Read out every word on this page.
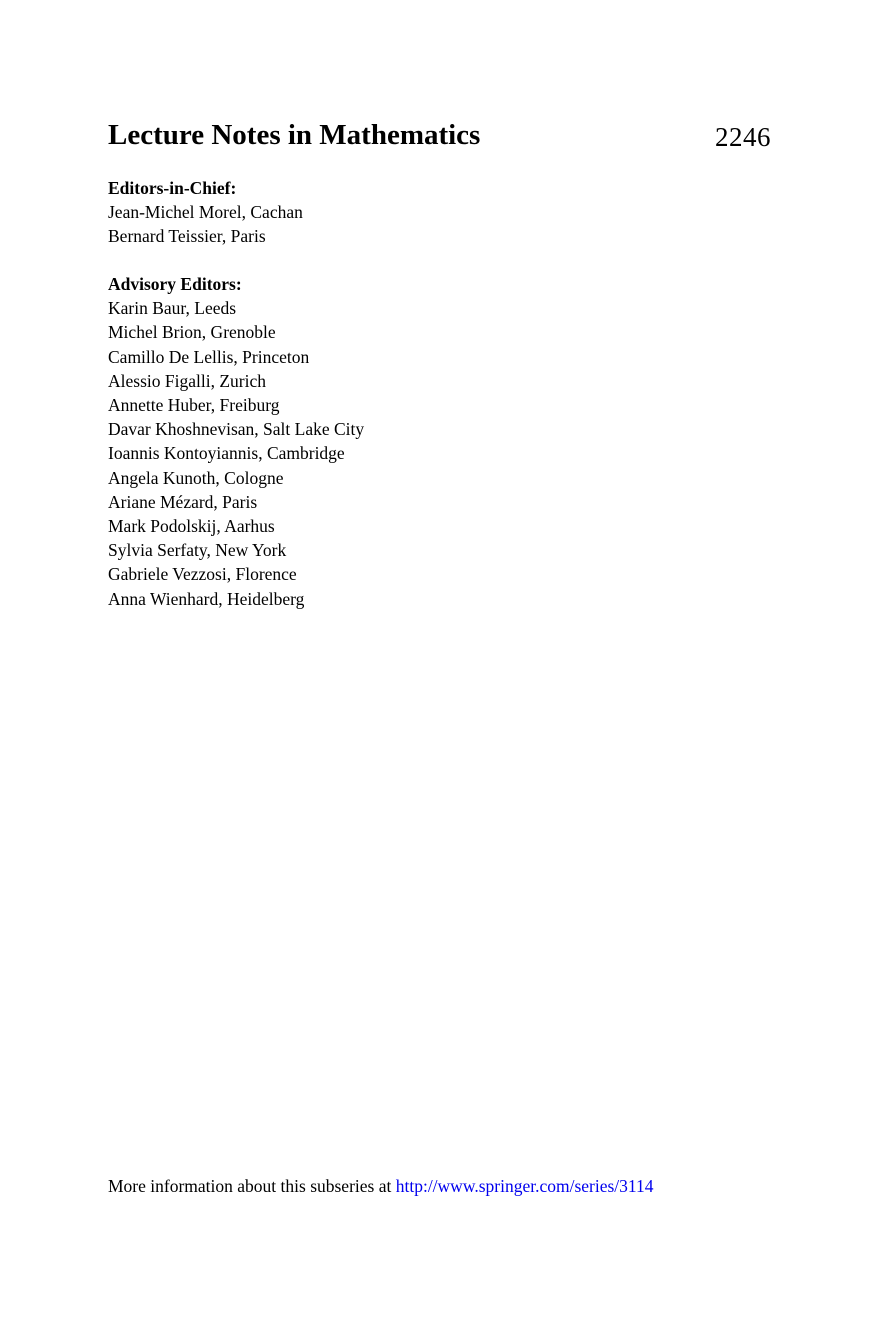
Lecture Notes in Mathematics	2246
Editors-in-Chief:
Jean-Michel Morel, Cachan
Bernard Teissier, Paris
Advisory Editors:
Karin Baur, Leeds
Michel Brion, Grenoble
Camillo De Lellis, Princeton
Alessio Figalli, Zurich
Annette Huber, Freiburg
Davar Khoshnevisan, Salt Lake City
Ioannis Kontoyiannis, Cambridge
Angela Kunoth, Cologne
Ariane Mézard, Paris
Mark Podolskij, Aarhus
Sylvia Serfaty, New York
Gabriele Vezzosi, Florence
Anna Wienhard, Heidelberg
More information about this subseries at http://www.springer.com/series/3114
